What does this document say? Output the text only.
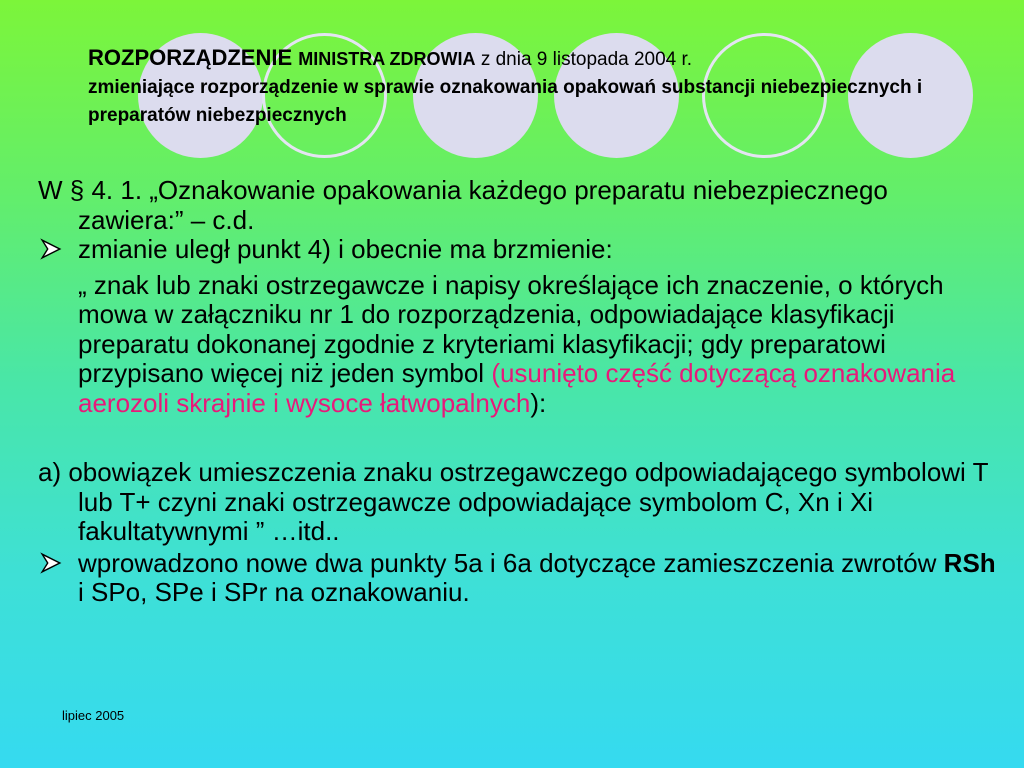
ROZPORZĄDZENIE MINISTRA ZDROWIA z dnia 9 listopada 2004 r.
zmieniające rozporządzenie w sprawie oznakowania opakowań substancji niebezpiecznych i preparatów niebezpiecznych
W § 4. 1. „Oznakowanie opakowania każdego preparatu niebezpiecznego zawiera:” – c.d.
zmianie uległ punkt 4) i obecnie ma brzmienie:
„ znak lub znaki ostrzegawcze i napisy określające ich znaczenie, o których mowa w załączniku nr 1 do rozporządzenia, odpowiadające klasyfikacji preparatu dokonanej zgodnie z kryteriami klasyfikacji; gdy preparatowi przypisano więcej niż jeden symbol (usunięto część dotyczącą oznakowania aerozoli skrajnie i wysoce łatwopalnych):
a) obowiązek umieszczenia znaku ostrzegawczego odpowiadającego symbolowi T lub T+ czyni znaki ostrzegawcze odpowiadające symbolom C, Xn i Xi fakultatywnymi ” …itd..
wprowadzono nowe dwa punkty 5a i 6a dotyczące zamieszczenia zwrotów RSh i SPo, SPe i SPr na oznakowaniu.
lipiec 2005
